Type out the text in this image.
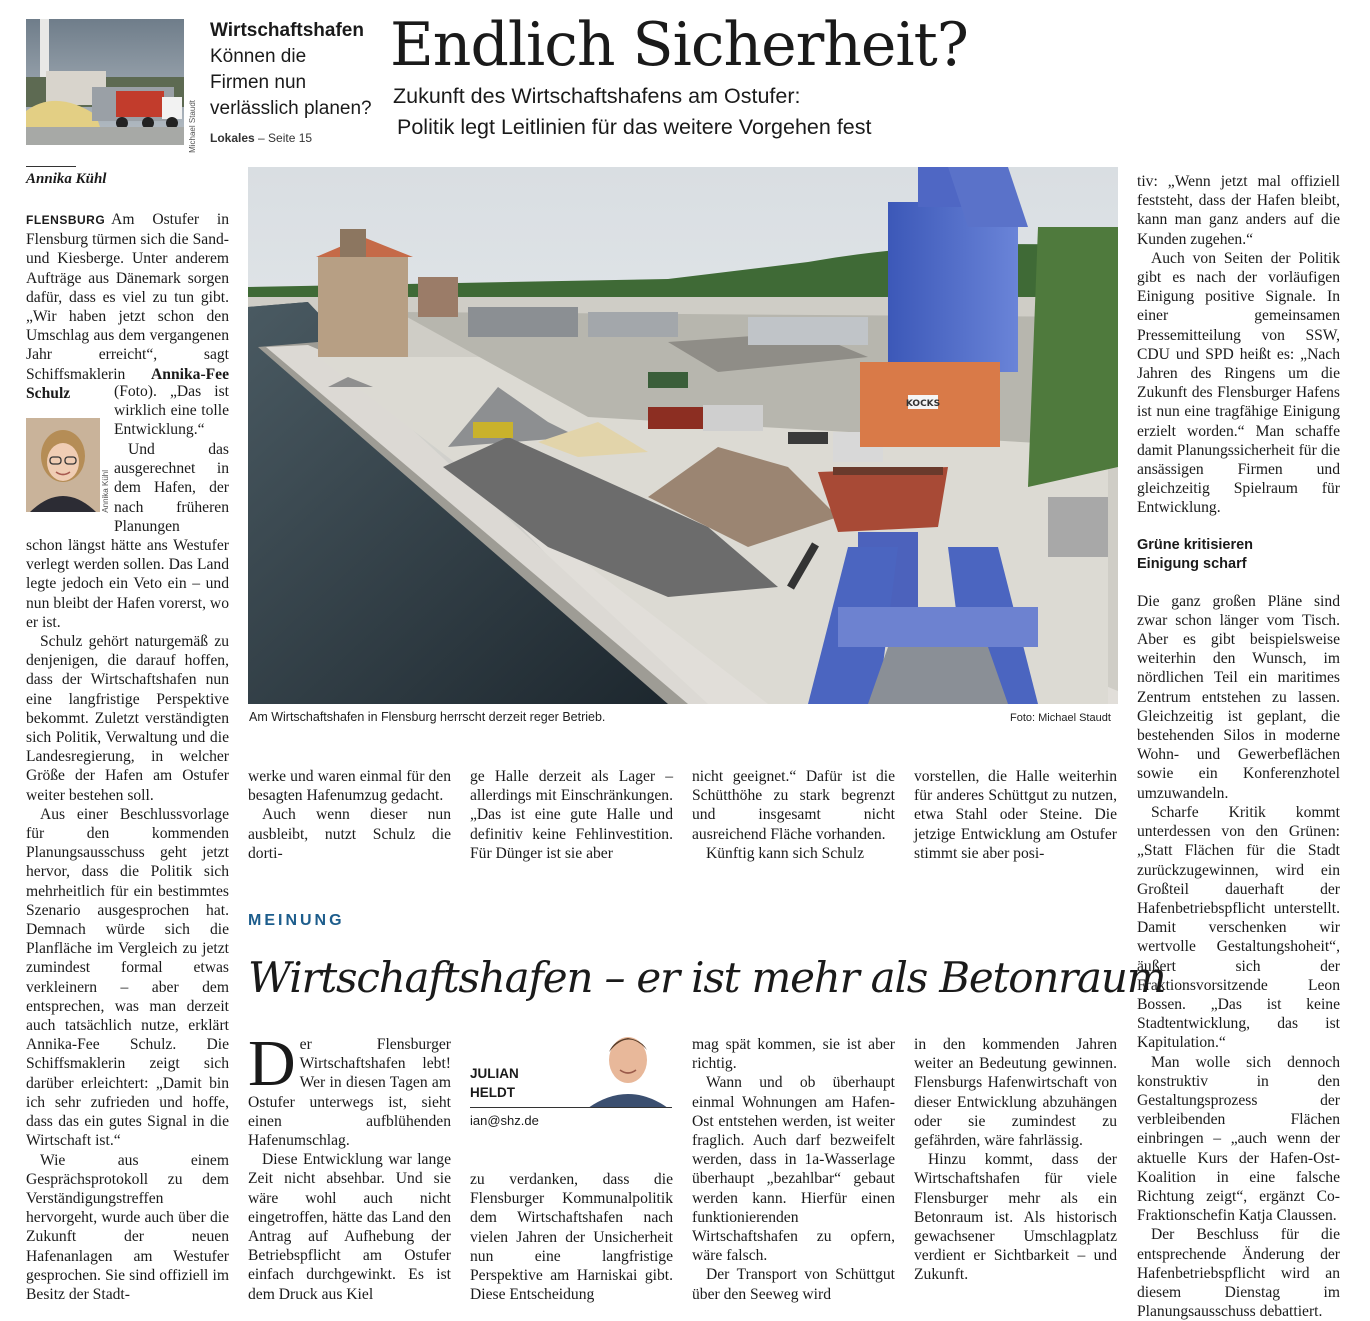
Michael Staudt
Wirtschaftshafen
Können die
Firmen nun
verlässlich planen?
Lokales – Seite 15
Endlich Sicherheit?
Zukunft des Wirtschaftshafens am Ostufer:
Politik legt Leitlinien für das weitere Vorgehen fest
Annika Kühl
Annika Kühl

FLENSBURG Am Ostufer in Flensburg türmen sich die Sand- und Kiesberge. Unter anderem Aufträge aus Dänemark sorgen dafür, dass es viel zu tun gibt. „Wir haben jetzt schon den Umschlag aus dem vergangenen Jahr erreicht“, sagt Schiffsmaklerin Annika-Fee Schulz	(Foto). „Das ist wirklich eine tolle Entwicklung.“

Und das ausgerechnet in dem Hafen, der nach früheren Planungen

schon längst hätte ans Westufer verlegt werden sollen. Das Land legte jedoch ein Veto ein – und nun bleibt der Hafen vorerst, wo er ist.

Schulz gehört naturgemäß zu denjenigen, die darauf hoffen, dass der Wirtschaftshafen nun eine langfristige Perspektive bekommt. Zuletzt verständigten sich Politik, Verwaltung und die Landesregierung, in welcher Größe der Hafen am Ostufer weiter bestehen soll.

Aus einer Beschlussvorlage für den kommenden Planungsausschuss geht jetzt hervor, dass die Politik sich mehrheitlich für ein bestimmtes Szenario ausgesprochen hat. Demnach würde sich die Planfläche im Vergleich zu jetzt zumindest formal etwas verkleinern – aber dem entsprechen, was man derzeit auch tatsächlich nutze, erklärt Annika-Fee Schulz. Die Schiffsmaklerin zeigt sich darüber erleichtert: „Damit bin ich sehr zufrieden und hoffe, dass das ein gutes Signal in die Wirtschaft ist.“

Wie aus einem Gesprächsprotokoll zu dem Verständigungstreffen hervorgeht, wurde auch über die Zukunft der neuen Hafenanlagen am Westufer gesprochen. Sie sind offiziell im Besitz der Stadt-

KOCKS
Am Wirtschaftshafen in Flensburg herrscht derzeit reger Betrieb.	Foto: Michael Staudt

werke und waren einmal für den besagten Hafenumzug gedacht.

Auch wenn dieser nun ausbleibt, nutzt Schulz die dorti-

ge Halle derzeit als Lager – allerdings mit Einschränkungen. „Das ist eine gute Halle und definitiv keine Fehlinvestition. Für Dünger ist sie aber

nicht geeignet.“ Dafür ist die Schütthöhe zu stark begrenzt und insgesamt nicht ausreichend Fläche vorhanden.

Künftig kann sich Schulz

vorstellen, die Halle weiterhin für anderes Schüttgut zu nutzen, etwa Stahl oder Steine. Die jetzige Entwicklung am Ostufer stimmt sie aber posi-

tiv: „Wenn jetzt mal offiziell feststeht, dass der Hafen bleibt, kann man ganz anders auf die Kunden zugehen.“

Auch von Seiten der Politik gibt es nach der vorläufigen Einigung positive Signale. In einer gemeinsamen Pressemitteilung von SSW, CDU und SPD heißt es: „Nach Jahren des Ringens um die Zukunft des Flensburger Hafens ist nun eine tragfähige Einigung erzielt worden.“ Man schaffe damit Planungssicherheit für die ansässigen Firmen und gleichzeitig Spielraum für Entwicklung.

Grüne kritisieren
Einigung scharf

Die ganz großen Pläne sind zwar schon länger vom Tisch. Aber es gibt beispielsweise weiterhin den Wunsch, im nördlichen Teil ein maritimes Zentrum entstehen zu lassen. Gleichzeitig ist geplant, die bestehenden Silos in moderne Wohn- und Gewerbeflächen sowie ein Konferenzhotel umzuwandeln.

Scharfe Kritik kommt unterdessen von den Grünen: „Statt Flächen für die Stadt zurückzugewinnen, wird ein Großteil dauerhaft der Hafenbetriebspflicht unterstellt. Damit verschenken wir wertvolle Gestaltungshoheit“, äußert sich der Fraktionsvorsitzende Leon Bossen. „Das ist keine Stadtentwicklung, das ist Kapitulation.“

Man wolle sich dennoch konstruktiv in den Gestaltungsprozess der verbleibenden Flächen einbringen – „auch wenn der aktuelle Kurs der Hafen-Ost-Koalition in eine falsche Richtung zeigt“, ergänzt Co-Fraktionschefin Katja Claussen.

Der Beschluss für die entsprechende Änderung der Hafenbetriebspflicht wird an diesem Dienstag im Planungsausschuss debattiert.

MEINUNG
Wirtschaftshafen – er ist mehr als Betonraum

Der Flensburger Wirtschaftshafen lebt! Wer in diesen Tagen am Ostufer unterwegs ist, sieht einen aufblühenden Hafenumschlag.

Diese Entwicklung war lange Zeit nicht absehbar. Und sie wäre wohl auch nicht eingetroffen, hätte das Land den Antrag auf Aufhebung der Betriebspflicht am Ostufer einfach durchgewinkt. Es ist dem Druck aus Kiel

JULIAN
HELDT
ian@shz.de

zu verdanken, dass die Flensburger Kommunalpolitik dem Wirtschaftshafen nach vielen Jahren der Unsicherheit nun eine langfristige Perspektive am Harniskai gibt. Diese Entscheidung

mag spät kommen, sie ist aber richtig.

Wann und ob überhaupt einmal Wohnungen am Hafen-Ost entstehen werden, ist weiter fraglich. Auch darf bezweifelt werden, dass in 1a-Wasserlage überhaupt „bezahlbar“ gebaut werden kann. Hierfür einen funktionierenden Wirtschaftshafen zu opfern, wäre falsch.

Der Transport von Schüttgut über den Seeweg wird

in den kommenden Jahren weiter an Bedeutung gewinnen. Flensburgs Hafenwirtschaft von dieser Entwicklung abzuhängen oder sie zumindest zu gefährden, wäre fahrlässig.

Hinzu kommt, dass der Wirtschaftshafen für viele Flensburger mehr als ein Betonraum ist. Als historisch gewachsener Umschlagplatz verdient er Sichtbarkeit – und Zukunft.
